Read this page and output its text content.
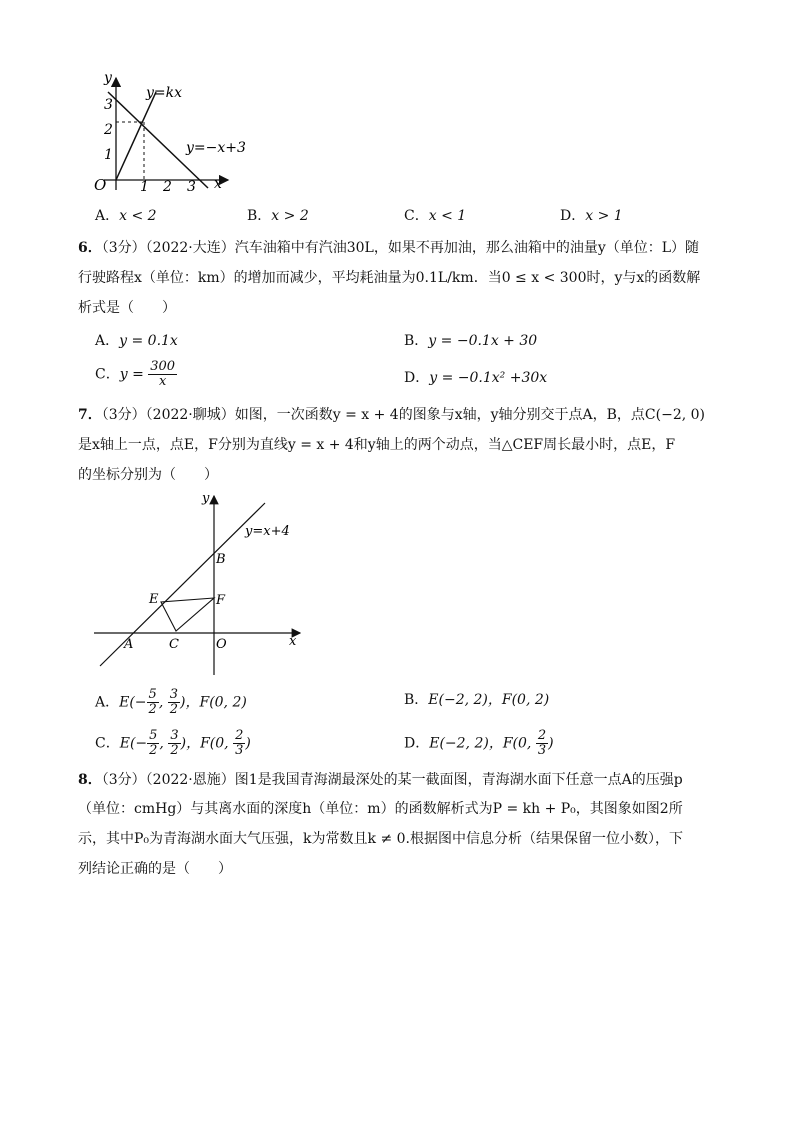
y
x
O
3
2
1
1 2 3
y=kx
y=−x+3
A．x < 2	B．x > 2	C．x < 1	D．x > 1
6．（3分）（2022·大连）汽车油箱中有汽油30L，如果不再加油，那么油箱中的油量y（单位：L）随
行驶路程x（单位：km）的增加而减少，平均耗油量为0.1L/km．当0 ≤ x < 300时，y与x的函数解
析式是（　　）
A．y = 0.1x	B．y = −0.1x + 30
C．$y = \frac{300}{x}$	D．y = −0.1x² +30x
7．（3分）（2022·聊城）如图，一次函数y = x + 4的图象与x轴，y轴分别交于点A，B，点C(−2, 0)
是x轴上一点，点E，F分别为直线y = x + 4和y轴上的两个动点，当△CEF周长最小时，点E，F
的坐标分别为（　　）
y
x
y=x+4
A
B
C
E	F
O
A．$E(- \frac{5}{2}$ , $\frac{3}{2}$ )，F(0, 2)	B．E(−2, 2)，F(0, 2)
C．$E(- \frac{5}{2}$ , $\frac{3}{2}$ )，F(0, $\frac{2}{3}$ )	D．E(−2, 2)，F(0, $\frac{2}{3}$ )
8．（3分）（2022·恩施）图1是我国青海湖最深处的某一截面图，青海湖水面下任意一点A的压强p
（单位：cmHg）与其离水面的深度h（单位：m）的函数解析式为P = kh + P₀，其图象如图2所
示，其中P₀为青海湖水面大气压强，k为常数且k ≠ 0.根据图中信息分析（结果保留一位小数），下
列结论正确的是（　　）
